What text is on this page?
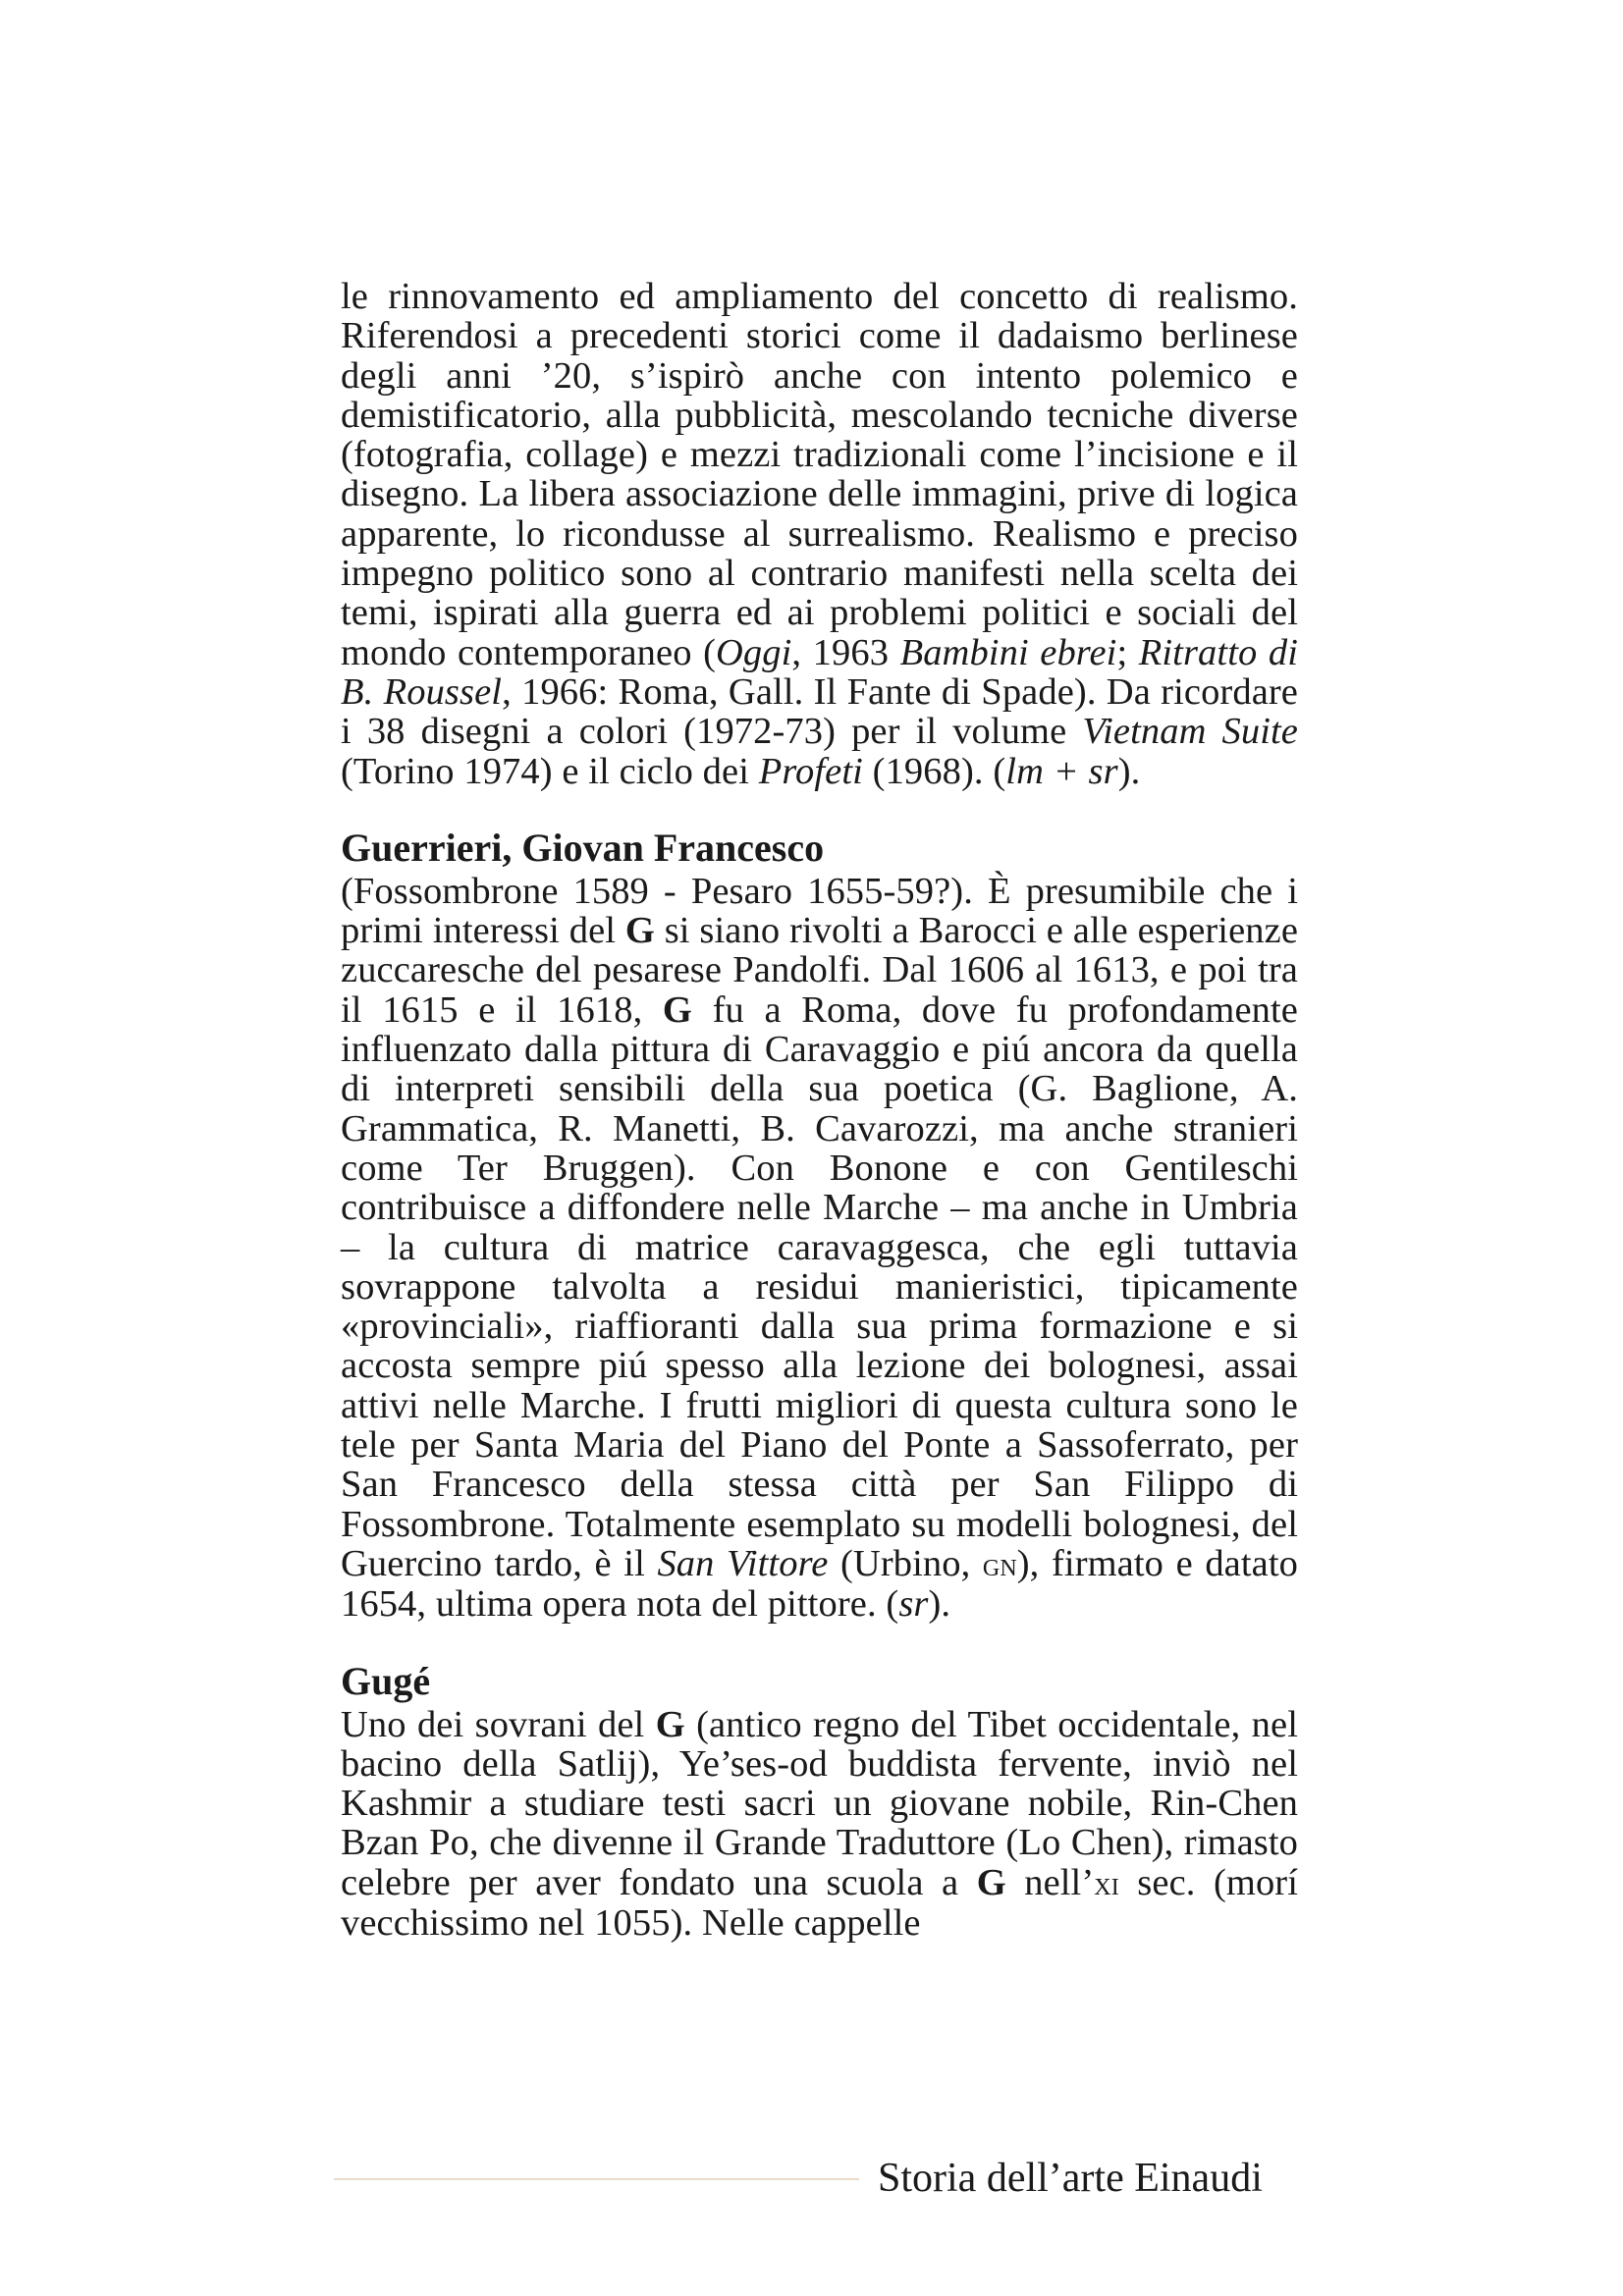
le rinnovamento ed ampliamento del concetto di realismo. Riferendosi a precedenti storici come il dadaismo berlinese degli anni ’20, s’ispirò anche con intento polemico e demistificatorio, alla pubblicità, mescolando tecniche diverse (fotografia, collage) e mezzi tradizionali come l’incisione e il disegno. La libera associazione delle immagini, prive di logica apparente, lo ricondusse al surrealismo. Realismo e preciso impegno politico sono al contrario manifesti nella scelta dei temi, ispirati alla guerra ed ai problemi politici e sociali del mondo contemporaneo (Oggi, 1963 Bambini ebrei; Ritratto di B. Roussel, 1966: Roma, Gall. Il Fante di Spade). Da ricordare i 38 disegni a colori (1972-73) per il volume Vietnam Suite (Torino 1974) e il ciclo dei Profeti (1968). (lm + sr).

Guerrieri, Giovan Francesco

(Fossombrone 1589 - Pesaro 1655-59?). È presumibile che i primi interessi del G si siano rivolti a Barocci e alle esperienze zuccaresche del pesarese Pandolfi. Dal 1606 al 1613, e poi tra il 1615 e il 1618, G fu a Roma, dove fu profondamente influenzato dalla pittura di Caravaggio e piú ancora da quella di interpreti sensibili della sua poetica (G. Baglione, A. Grammatica, R. Manetti, B. Cavarozzi, ma anche stranieri come Ter Bruggen). Con Bonone e con Gentileschi contribuisce a diffondere nelle Marche – ma anche in Umbria – la cultura di matrice caravaggesca, che egli tuttavia sovrappone talvolta a residui manieristici, tipicamente «provinciali», riaffioranti dalla sua prima formazione e si accosta sempre piú spesso alla lezione dei bolognesi, assai attivi nelle Marche. I frutti migliori di questa cultura sono le tele per Santa Maria del Piano del Ponte a Sassoferrato, per San Francesco della stessa città per San Filippo di Fossombrone. Totalmente esemplato su modelli bolognesi, del Guercino tardo, è il San Vittore (Urbino, gn), firmato e datato 1654, ultima opera nota del pittore. (sr).

Gugé

Uno dei sovrani del G (antico regno del Tibet occidentale, nel bacino della Satlij), Ye’ses-od buddista fervente, inviò nel Kashmir a studiare testi sacri un giovane nobile, Rin-Chen Bzan Po, che divenne il Grande Traduttore (Lo Chen), rimasto celebre per aver fondato una scuola a G nell’xi sec. (morí vecchissimo nel 1055). Nelle cappelle

Storia dell’arte Einaudi
